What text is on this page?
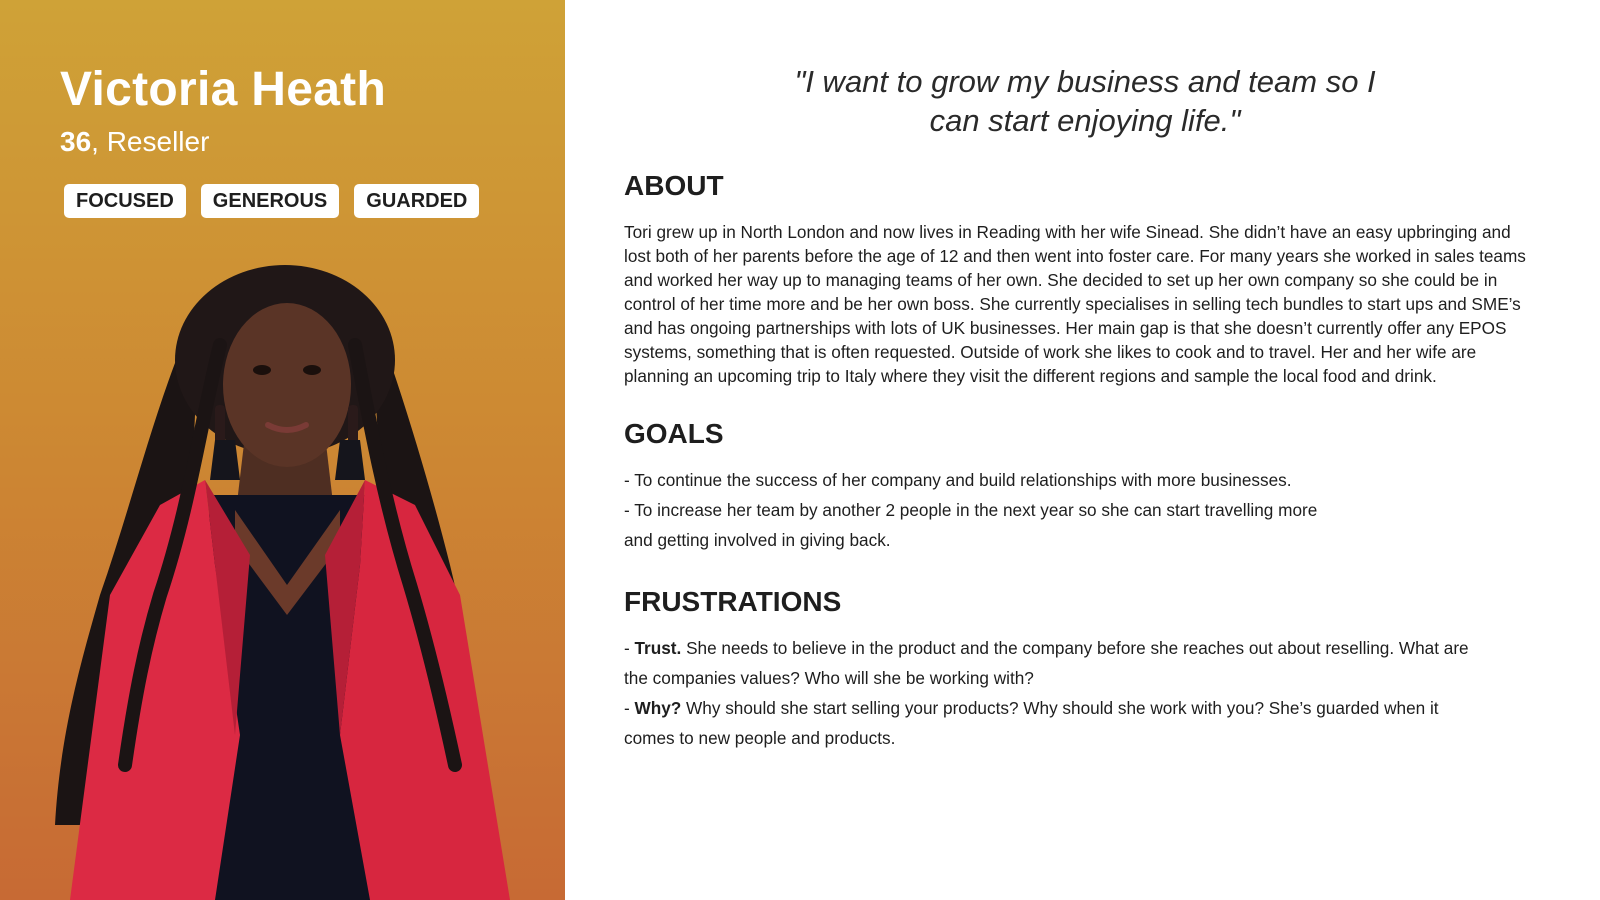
Victoria Heath
36, Reseller
FOCUSED	GENEROUS	GUARDED
"I want to grow my business and team so I
can start enjoying life."
ABOUT
Tori grew up in North London and now lives in Reading with her wife Sinead. She didn’t have an easy upbringing and lost both of her parents before the age of 12 and then went into foster care. For many years she worked in sales teams and worked her way up to managing teams of her own. She decided to set up her own company so she could be in control of her time more and be her own boss. She currently specialises in selling tech bundles to start ups and SME’s and has ongoing partnerships with lots of UK businesses. Her main gap is that she doesn’t currently offer any EPOS systems, something that is often requested. Outside of work she likes to cook and to travel. Her and her wife are planning an upcoming trip to Italy where they visit the different regions and sample the local food and drink.
GOALS
- To continue the success of her company and build relationships with more businesses.
- To increase her team by another 2 people in the next year so she can start travelling more
and getting involved in giving back.
FRUSTRATIONS
- Trust. She needs to believe in the product and the company before she reaches out about reselling. What are
the companies values? Who will she be working with?
- Why? Why should she start selling your products? Why should she work with you? She’s guarded when it
comes to new people and products.
